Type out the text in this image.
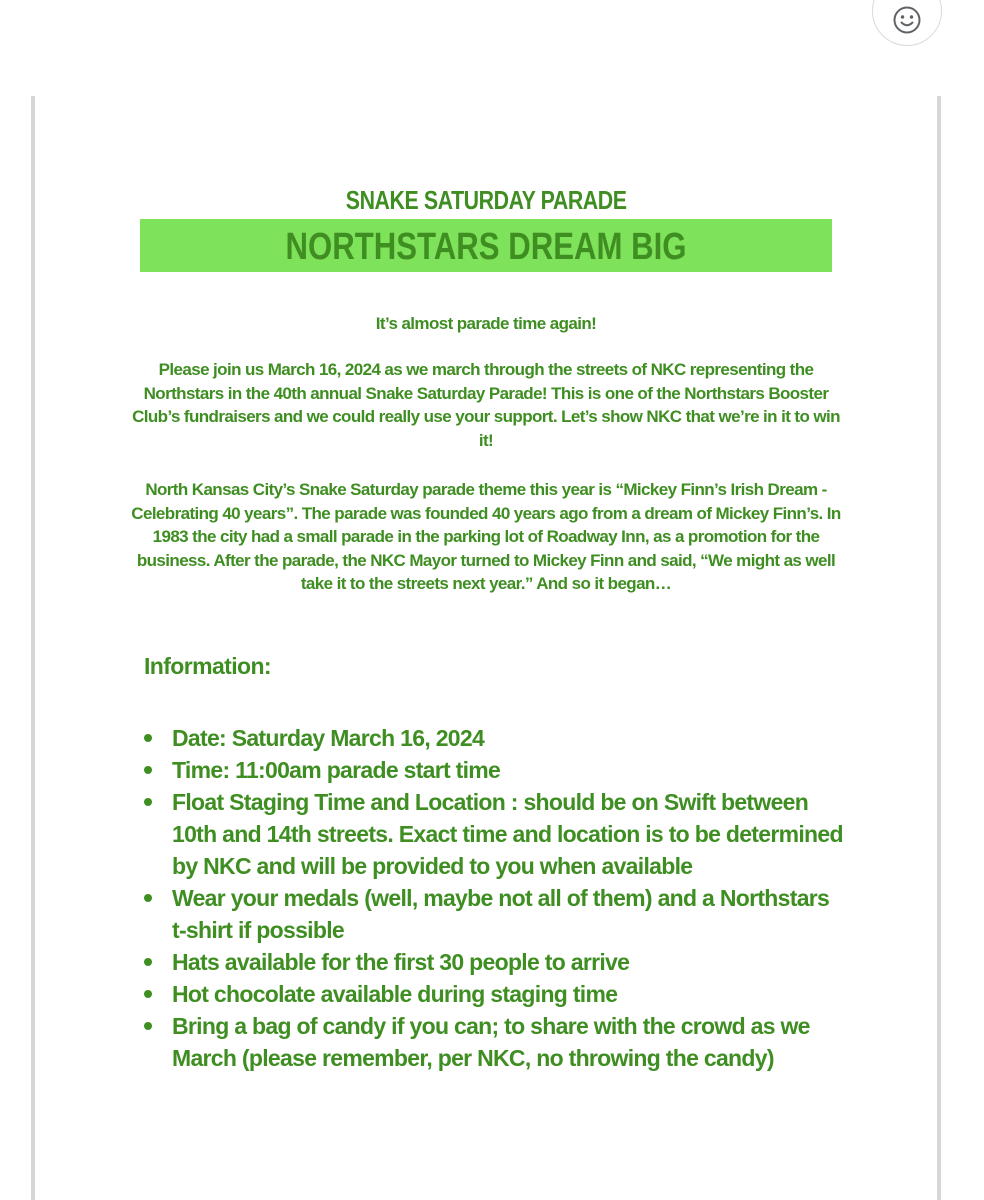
SNAKE SATURDAY PARADE
NORTHSTARS DREAM BIG
It’s almost parade time again!
Please join us March 16, 2024 as we march through the streets of NKC representing the Northstars in the 40th annual Snake Saturday Parade! This is one of the Northstars Booster Club’s fundraisers and we could really use your support. Let’s show NKC that we’re in it to win it!
North Kansas City’s Snake Saturday parade theme this year is “Mickey Finn’s Irish Dream - Celebrating 40 years”. The parade was founded 40 years ago from a dream of Mickey Finn’s. In 1983 the city had a small parade in the parking lot of Roadway Inn, as a promotion for the business. After the parade, the NKC Mayor turned to Mickey Finn and said, “We might as well take it to the streets next year.” And so it began…
Information:
Date: Saturday March 16, 2024
Time: 11:00am parade start time
Float Staging Time and Location : should be on Swift between 10th and 14th streets. Exact time and location is to be determined by NKC and will be provided to you when available
Wear your medals (well, maybe not all of them) and a Northstars t-shirt if possible
Hats available for the first 30 people to arrive
Hot chocolate available during staging time
Bring a bag of candy if you can; to share with the crowd as we March (please remember, per NKC, no throwing the candy)
